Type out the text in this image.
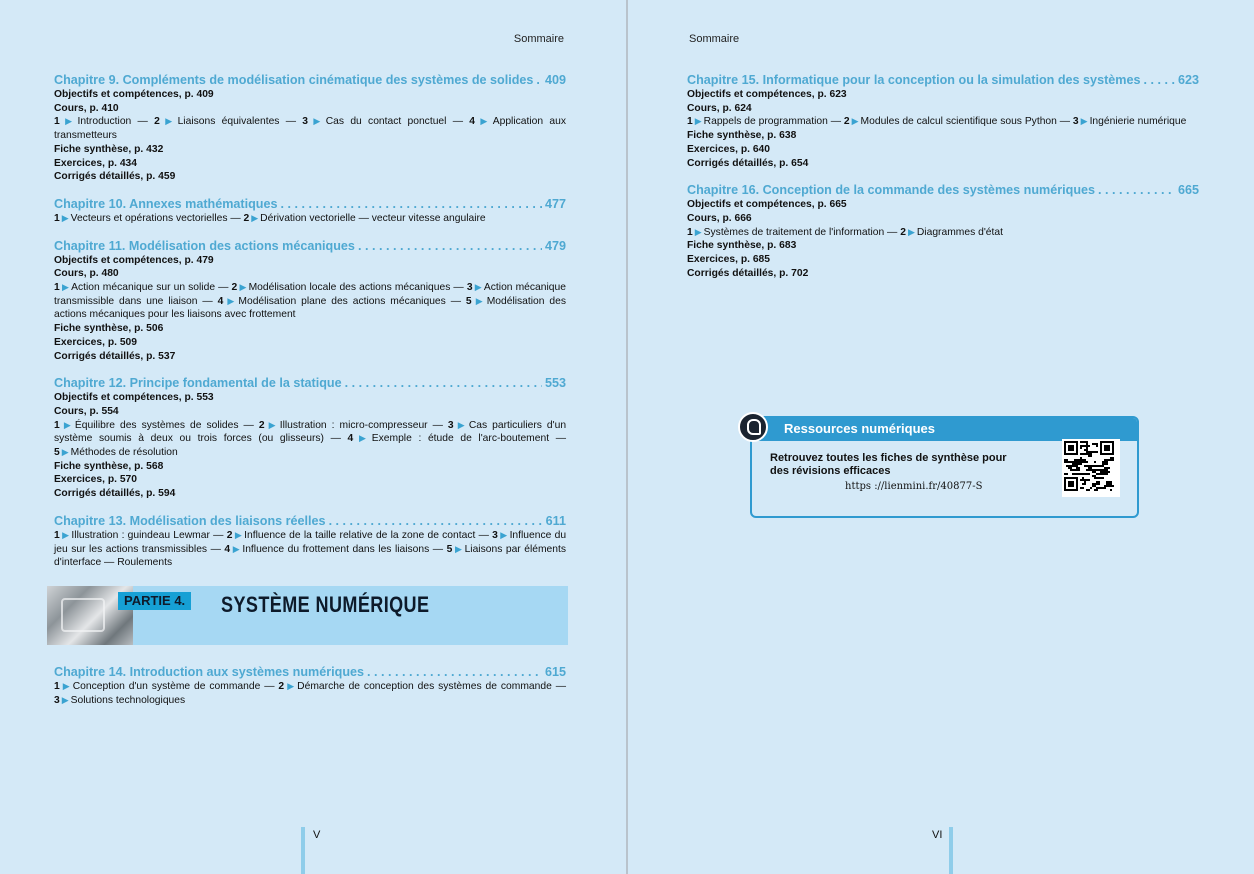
Sommaire
Chapitre 9. Compléments de modélisation cinématique des systèmes de solides . . . 409
Objectifs et compétences, p. 409
Cours, p. 410
1 ▶ Introduction — 2 ▶ Liaisons équivalentes — 3 ▶ Cas du contact ponctuel — 4 ▶ Application aux transmetteurs
Fiche synthèse, p. 432
Exercices, p. 434
Corrigés détaillés, p. 459
Chapitre 10. Annexes mathématiques . . .	477
1 ▶ Vecteurs et opérations vectorielles — 2 ▶ Dérivation vectorielle — vecteur vitesse angulaire
Chapitre 11. Modélisation des actions mécaniques . . .	479
Objectifs et compétences, p. 479
Cours, p. 480
1 ▶ Action mécanique sur un solide — 2 ▶ Modélisation locale des actions mécaniques — 3 ▶ Action mécanique transmissible dans une liaison — 4 ▶ Modélisation plane des actions mécaniques — 5 ▶ Modélisation des actions mécaniques pour les liaisons avec frottement
Fiche synthèse, p. 506
Exercices, p. 509
Corrigés détaillés, p. 537
Chapitre 12. Principe fondamental de la statique . . .	553
Objectifs et compétences, p. 553
Cours, p. 554
1 ▶ Équilibre des systèmes de solides — 2 ▶ Illustration : micro-compresseur — 3 ▶ Cas particuliers d'un système soumis à deux ou trois forces (ou glisseurs) — 4 ▶ Exemple : étude de l'arc-boutement — 5 ▶ Méthodes de résolution
Fiche synthèse, p. 568
Exercices, p. 570
Corrigés détaillés, p. 594
Chapitre 13. Modélisation des liaisons réelles . . .	611
1 ▶ Illustration : guindeau Lewmar — 2 ▶ Influence de la taille relative de la zone de contact — 3 ▶ Influence du jeu sur les actions transmissibles — 4 ▶ Influence du frottement dans les liaisons — 5 ▶ Liaisons par éléments d'interface — Roulements
PARTIE 4. SYSTÈME NUMÉRIQUE
Chapitre 14. Introduction aux systèmes numériques . . .	615
1 ▶ Conception d'un système de commande — 2 ▶ Démarche de conception des systèmes de commande — 3 ▶ Solutions technologiques
V
Sommaire
Chapitre 15. Informatique pour la conception ou la simulation des systèmes . . .	623
Objectifs et compétences, p. 623
Cours, p. 624
1 ▶ Rappels de programmation — 2 ▶ Modules de calcul scientifique sous Python — 3 ▶ Ingénierie numérique
Fiche synthèse, p. 638
Exercices, p. 640
Corrigés détaillés, p. 654
Chapitre 16. Conception de la commande des systèmes numériques . . .	665
Objectifs et compétences, p. 665
Cours, p. 666
1 ▶ Systèmes de traitement de l'information — 2 ▶ Diagrammes d'état
Fiche synthèse, p. 683
Exercices, p. 685
Corrigés détaillés, p. 702
Ressources numériques
Retrouvez toutes les fiches de synthèse pour des révisions efficaces
https ://lienmini.fr/40877-S
VI
